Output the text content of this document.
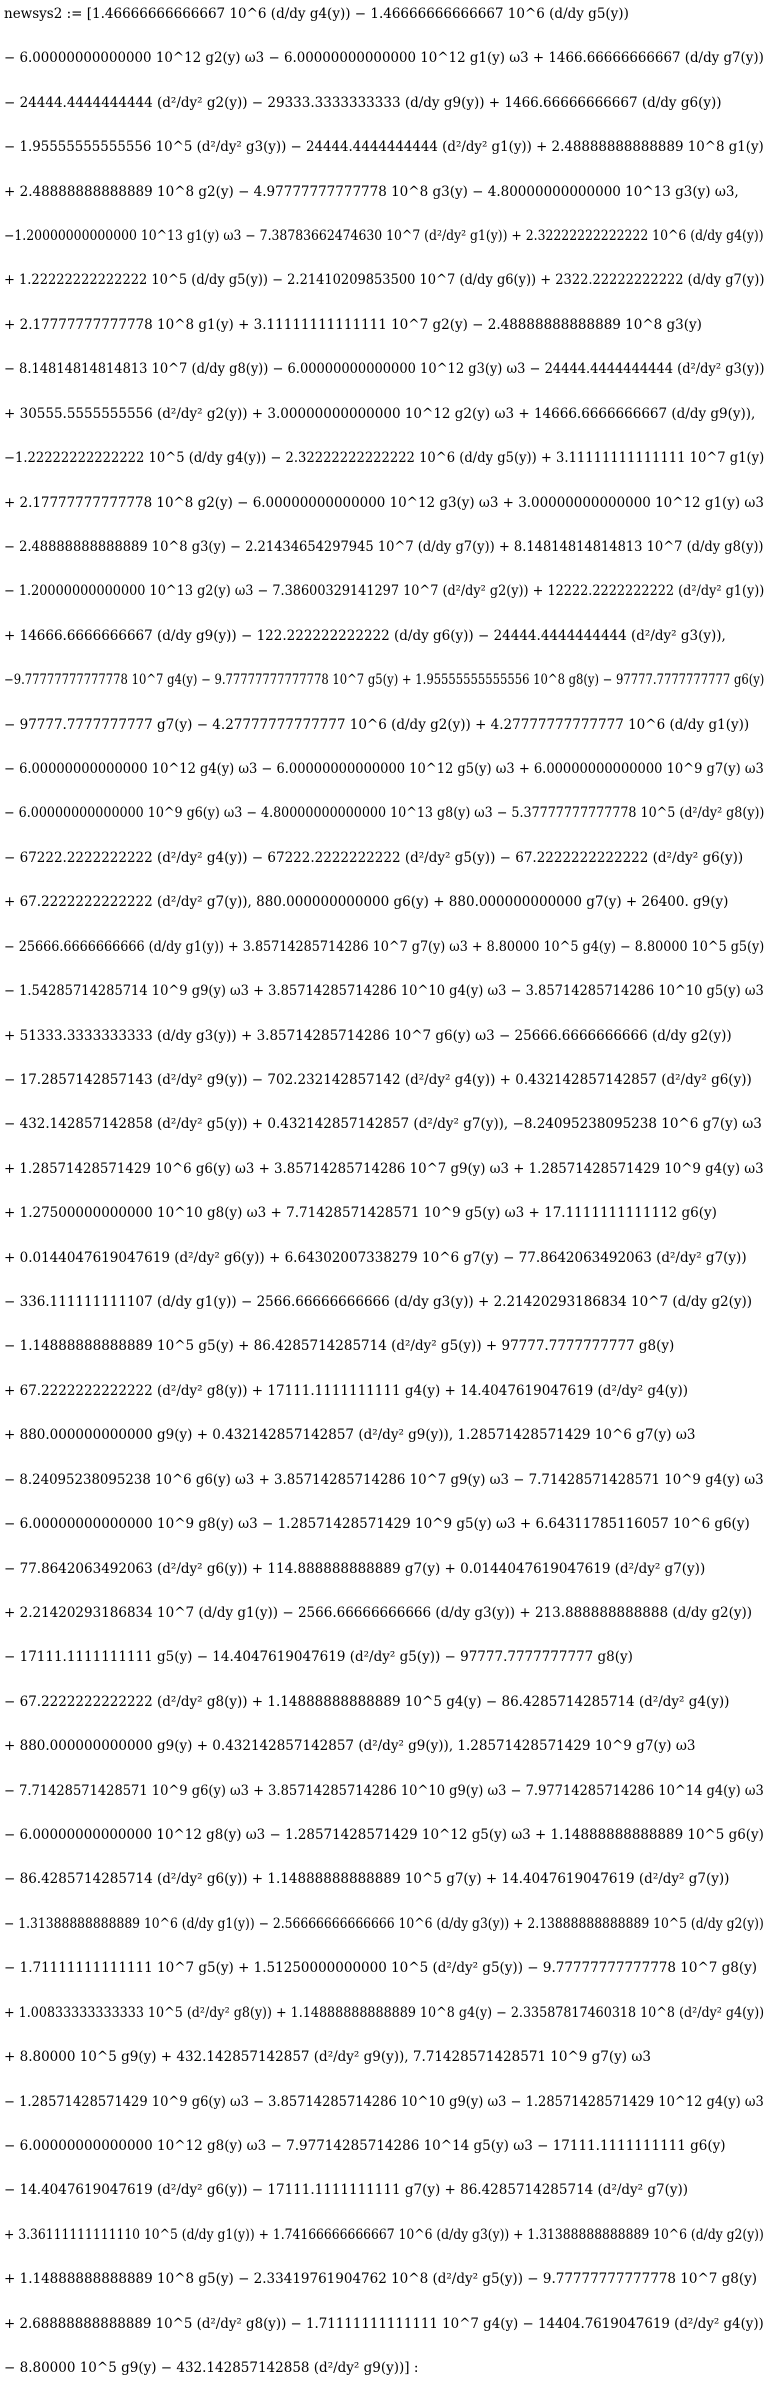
newsys2 := [1.46666666666667 10^6 (d/dy g4(y)) − 1.46666666666667 10^6 (d/dy g5(y))
− 6.00000000000000 10^12 g2(y) ω3 − 6.00000000000000 10^12 g1(y) ω3 + 1466.66666666667 (d/dy g7(y))
− 24444.4444444444 (d²/dy² g2(y)) − 29333.3333333333 (d/dy g9(y)) + 1466.66666666667 (d/dy g6(y))
− 1.95555555555556 10^5 (d²/dy² g3(y)) − 24444.4444444444 (d²/dy² g1(y)) + 2.48888888888889 10^8 g1(y)
+ 2.48888888888889 10^8 g2(y) − 4.97777777777778 10^8 g3(y) − 4.80000000000000 10^13 g3(y) ω3,
−1.20000000000000 10^13 g1(y) ω3 − 7.38783662474630 10^7 (d²/dy² g1(y)) + 2.32222222222222 10^6 (d/dy g4(y))
+ 1.22222222222222 10^5 (d/dy g5(y)) − 2.21410209853500 10^7 (d/dy g6(y)) + 2322.22222222222 (d/dy g7(y))
+ 2.17777777777778 10^8 g1(y) + 3.11111111111111 10^7 g2(y) − 2.48888888888889 10^8 g3(y)
− 8.14814814814813 10^7 (d/dy g8(y)) − 6.00000000000000 10^12 g3(y) ω3 − 24444.4444444444 (d²/dy² g3(y))
+ 30555.5555555556 (d²/dy² g2(y)) + 3.00000000000000 10^12 g2(y) ω3 + 14666.6666666667 (d/dy g9(y)),
−1.22222222222222 10^5 (d/dy g4(y)) − 2.32222222222222 10^6 (d/dy g5(y)) + 3.11111111111111 10^7 g1(y)
+ 2.17777777777778 10^8 g2(y) − 6.00000000000000 10^12 g3(y) ω3 + 3.00000000000000 10^12 g1(y) ω3
− 2.48888888888889 10^8 g3(y) − 2.21434654297945 10^7 (d/dy g7(y)) + 8.14814814814813 10^7 (d/dy g8(y))
− 1.20000000000000 10^13 g2(y) ω3 − 7.38600329141297 10^7 (d²/dy² g2(y)) + 12222.2222222222 (d²/dy² g1(y))
+ 14666.6666666667 (d/dy g9(y)) − 122.222222222222 (d/dy g6(y)) − 24444.4444444444 (d²/dy² g3(y)),
−9.77777777777778 10^7 g4(y) − 9.77777777777778 10^7 g5(y) + 1.95555555555556 10^8 g8(y) − 97777.7777777777 g6(y)
− 97777.7777777777 g7(y) − 4.27777777777777 10^6 (d/dy g2(y)) + 4.27777777777777 10^6 (d/dy g1(y))
− 6.00000000000000 10^12 g4(y) ω3 − 6.00000000000000 10^12 g5(y) ω3 + 6.00000000000000 10^9 g7(y) ω3
− 6.00000000000000 10^9 g6(y) ω3 − 4.80000000000000 10^13 g8(y) ω3 − 5.37777777777778 10^5 (d²/dy² g8(y))
− 67222.2222222222 (d²/dy² g4(y)) − 67222.2222222222 (d²/dy² g5(y)) − 67.2222222222222 (d²/dy² g6(y))
+ 67.2222222222222 (d²/dy² g7(y)), 880.000000000000 g6(y) + 880.000000000000 g7(y) + 26400. g9(y)
− 25666.6666666666 (d/dy g1(y)) + 3.85714285714286 10^7 g7(y) ω3 + 8.80000 10^5 g4(y) − 8.80000 10^5 g5(y)
− 1.54285714285714 10^9 g9(y) ω3 + 3.85714285714286 10^10 g4(y) ω3 − 3.85714285714286 10^10 g5(y) ω3
+ 51333.3333333333 (d/dy g3(y)) + 3.85714285714286 10^7 g6(y) ω3 − 25666.6666666666 (d/dy g2(y))
− 17.2857142857143 (d²/dy² g9(y)) − 702.232142857142 (d²/dy² g4(y)) + 0.432142857142857 (d²/dy² g6(y))
− 432.142857142858 (d²/dy² g5(y)) + 0.432142857142857 (d²/dy² g7(y)), −8.24095238095238 10^6 g7(y) ω3
+ 1.28571428571429 10^6 g6(y) ω3 + 3.85714285714286 10^7 g9(y) ω3 + 1.28571428571429 10^9 g4(y) ω3
+ 1.27500000000000 10^10 g8(y) ω3 + 7.71428571428571 10^9 g5(y) ω3 + 17.1111111111112 g6(y)
+ 0.0144047619047619 (d²/dy² g6(y)) + 6.64302007338279 10^6 g7(y) − 77.8642063492063 (d²/dy² g7(y))
− 336.111111111107 (d/dy g1(y)) − 2566.66666666666 (d/dy g3(y)) + 2.21420293186834 10^7 (d/dy g2(y))
− 1.14888888888889 10^5 g5(y) + 86.4285714285714 (d²/dy² g5(y)) + 97777.7777777777 g8(y)
+ 67.2222222222222 (d²/dy² g8(y)) + 17111.1111111111 g4(y) + 14.4047619047619 (d²/dy² g4(y))
+ 880.000000000000 g9(y) + 0.432142857142857 (d²/dy² g9(y)), 1.28571428571429 10^6 g7(y) ω3
− 8.24095238095238 10^6 g6(y) ω3 + 3.85714285714286 10^7 g9(y) ω3 − 7.71428571428571 10^9 g4(y) ω3
− 6.00000000000000 10^9 g8(y) ω3 − 1.28571428571429 10^9 g5(y) ω3 + 6.64311785116057 10^6 g6(y)
− 77.8642063492063 (d²/dy² g6(y)) + 114.888888888889 g7(y) + 0.0144047619047619 (d²/dy² g7(y))
+ 2.21420293186834 10^7 (d/dy g1(y)) − 2566.66666666666 (d/dy g3(y)) + 213.888888888888 (d/dy g2(y))
− 17111.1111111111 g5(y) − 14.4047619047619 (d²/dy² g5(y)) − 97777.7777777777 g8(y)
− 67.2222222222222 (d²/dy² g8(y)) + 1.14888888888889 10^5 g4(y) − 86.4285714285714 (d²/dy² g4(y))
+ 880.000000000000 g9(y) + 0.432142857142857 (d²/dy² g9(y)), 1.28571428571429 10^9 g7(y) ω3
− 7.71428571428571 10^9 g6(y) ω3 + 3.85714285714286 10^10 g9(y) ω3 − 7.97714285714286 10^14 g4(y) ω3
− 6.00000000000000 10^12 g8(y) ω3 − 1.28571428571429 10^12 g5(y) ω3 + 1.14888888888889 10^5 g6(y)
− 86.4285714285714 (d²/dy² g6(y)) + 1.14888888888889 10^5 g7(y) + 14.4047619047619 (d²/dy² g7(y))
− 1.31388888888889 10^6 (d/dy g1(y)) − 2.56666666666666 10^6 (d/dy g3(y)) + 2.13888888888889 10^5 (d/dy g2(y))
− 1.71111111111111 10^7 g5(y) + 1.51250000000000 10^5 (d²/dy² g5(y)) − 9.77777777777778 10^7 g8(y)
+ 1.00833333333333 10^5 (d²/dy² g8(y)) + 1.14888888888889 10^8 g4(y) − 2.33587817460318 10^8 (d²/dy² g4(y))
+ 8.80000 10^5 g9(y) + 432.142857142857 (d²/dy² g9(y)), 7.71428571428571 10^9 g7(y) ω3
− 1.28571428571429 10^9 g6(y) ω3 − 3.85714285714286 10^10 g9(y) ω3 − 1.28571428571429 10^12 g4(y) ω3
− 6.00000000000000 10^12 g8(y) ω3 − 7.97714285714286 10^14 g5(y) ω3 − 17111.1111111111 g6(y)
− 14.4047619047619 (d²/dy² g6(y)) − 17111.1111111111 g7(y) + 86.4285714285714 (d²/dy² g7(y))
+ 3.36111111111110 10^5 (d/dy g1(y)) + 1.74166666666667 10^6 (d/dy g3(y)) + 1.31388888888889 10^6 (d/dy g2(y))
+ 1.14888888888889 10^8 g5(y) − 2.33419761904762 10^8 (d²/dy² g5(y)) − 9.77777777777778 10^7 g8(y)
+ 2.68888888888889 10^5 (d²/dy² g8(y)) − 1.71111111111111 10^7 g4(y) − 14404.7619047619 (d²/dy² g4(y))
− 8.80000 10^5 g9(y) − 432.142857142858 (d²/dy² g9(y))] :
